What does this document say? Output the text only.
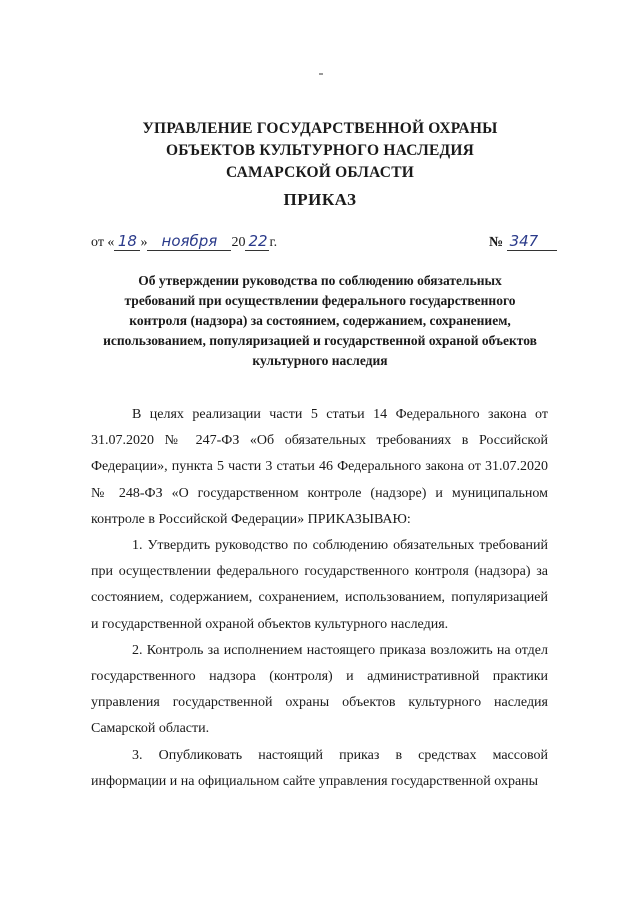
УПРАВЛЕНИЕ ГОСУДАРСТВЕННОЙ ОХРАНЫ
ОБЪЕКТОВ КУЛЬТУРНОГО НАСЛЕДИЯ
САМАРСКОЙ ОБЛАСТИ
ПРИКАЗ
от « 18 » ноября 20 22 г.	№ 347
Об утверждении руководства по соблюдению обязательных
требований при осуществлении федерального государственного
контроля (надзора) за состоянием, содержанием, сохранением,
использованием, популяризацией и государственной охраной объектов
культурного наследия

В целях реализации части 5 статьи 14 Федерального закона от 31.07.2020 № 247-ФЗ «Об обязательных требованиях в Российской Федерации», пункта 5 части 3 статьи 46 Федерального закона от 31.07.2020 № 248-ФЗ «О государственном контроле (надзоре) и муниципальном контроле в Российской Федерации» ПРИКАЗЫВАЮ:

1. Утвердить руководство по соблюдению обязательных требований при осуществлении федерального государственного контроля (надзора) за состоянием, содержанием, сохранением, использованием, популяризацией и государственной охраной объектов культурного наследия.

2. Контроль за исполнением настоящего приказа возложить на отдел государственного надзора (контроля) и административной практики управления государственной охраны объектов культурного наследия Самарской области.

3. Опубликовать настоящий приказ в средствах массовой информации и на официальном сайте управления государственной охраны
